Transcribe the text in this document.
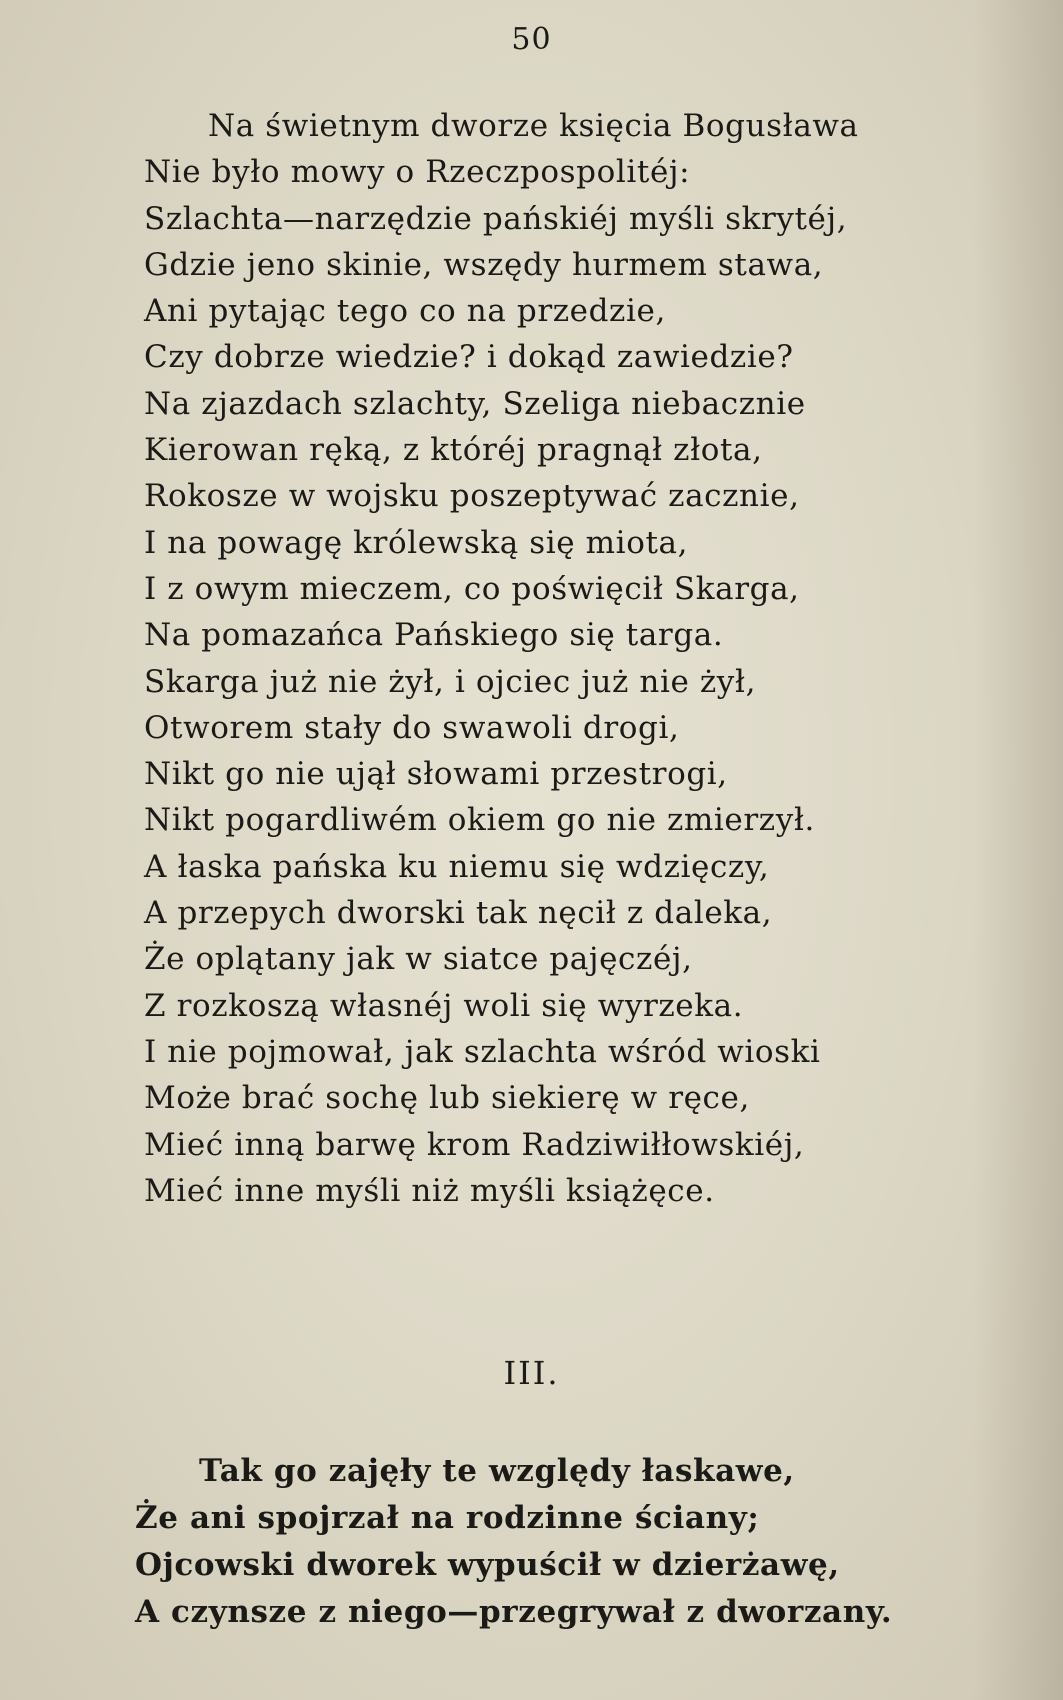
50
Na świetnym dworze księcia Bogusława
Nie było mowy o Rzeczpospolitéj:
Szlachta—narzędzie pańskiéj myśli skrytéj,
Gdzie jeno skinie, wszędy hurmem stawa,
Ani pytając tego co na przedzie,
Czy dobrze wiedzie? i dokąd zawiedzie?
Na zjazdach szlachty, Szeliga niebacznie
Kierowan ręką, z któréj pragnął złota,
Rokosze w wojsku poszeptywać zacznie,
I na powagę królewską się miota,
I z owym mieczem, co poświęcił Skarga,
Na pomazańca Pańskiego się targa.
Skarga już nie żył, i ojciec już nie żył,
Otworem stały do swawoli drogi,
Nikt go nie ujął słowami przestrogi,
Nikt pogardliwém okiem go nie zmierzył.
A łaska pańska ku niemu się wdzięczy,
A przepych dworski tak nęcił z daleka,
Że oplątany jak w siatce pajęczéj,
Z rozkoszą własnéj woli się wyrzeka.
I nie pojmował, jak szlachta wśród wioski
Może brać sochę lub siekierę w ręce,
Mieć inną barwę krom Radziwiłłowskiéj,
Mieć inne myśli niż myśli książęce.
III.
Tak go zajęły te względy łaskawe,
Że ani spojrzał na rodzinne ściany;
Ojcowski dworek wypuścił w dzierżawę,
A czynsze z niego—przegrywał z dworzany.
